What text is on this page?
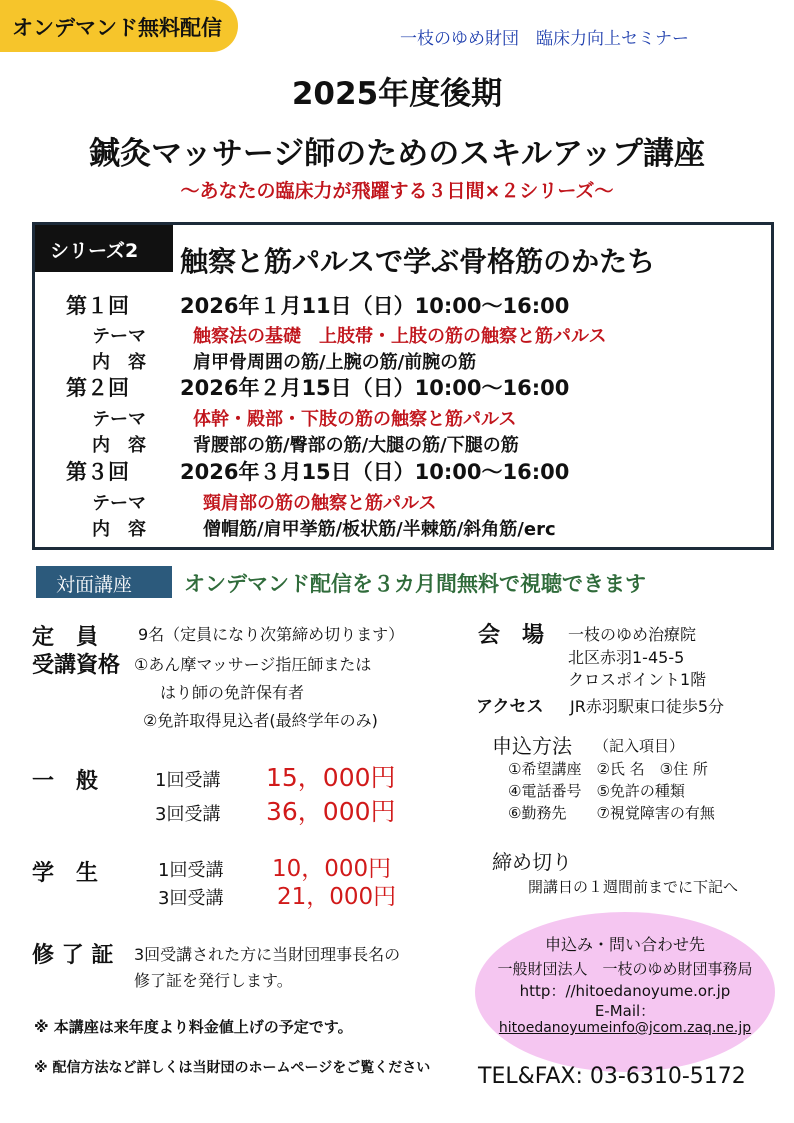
オンデマンド無料配信	一枝のゆめ財団　臨床力向上セミナー
2025年度後期
鍼灸マッサージ師のためのスキルアップ講座
～あなたの臨床力が飛躍する３日間×２シリーズ～
シリーズ2 触察と筋パルスで学ぶ骨格筋のかたち
第１回 2026年１月11日（日）10:00～16:00
テーマ	触察法の基礎　上肢帯・上肢の筋の触察と筋パルス
内　容	肩甲骨周囲の筋/上腕の筋/前腕の筋
第２回 2026年２月15日（日）10:00～16:00
テーマ	体幹・殿部・下肢の筋の触察と筋パルス
内　容	背腰部の筋/臀部の筋/大腿の筋/下腿の筋
第３回 2026年３月15日（日）10:00～16:00
テーマ	頸肩部の筋の触察と筋パルス
内　容	僧帽筋/肩甲挙筋/板状筋/半棘筋/斜角筋/erc
対面講座 オンデマンド配信を３カ月間無料で視聴できます
定　員 9名（定員になり次第締め切ります）
受講資格 ①あん摩マッサージ指圧師または
はり師の免許保有者
②免許取得見込者(最終学年のみ)
一　般	1回受講 15，000円
3回受講 36，000円
学　生	1回受講 10，000円
3回受講 21，000円
修 了 証 3回受講された方に当財団理事長名の
修了証を発行します。
※ 本講座は来年度より料金値上げの予定です。
※ 配信方法など詳しくは当財団のホームページをご覧ください
会　場 一枝のゆめ治療院
北区赤羽1-45-5
クロスポイント1階
アクセス JR赤羽駅東口徒歩5分
申込方法 （記入項目）
①希望講座　②氏 名　③住 所
④電話番号　⑤免許の種類
⑥勤務先　　⑦視覚障害の有無
締め切り
開講日の１週間前までに下記へ
申込み・問い合わせ先
一般財団法人　一枝のゆめ財団事務局
http：//hitoedanoyume.or.jp
E-Mail：
hitoedanoyumeinfo@jcom.zaq.ne.jp
TEL&FAX: 03-6310-5172
